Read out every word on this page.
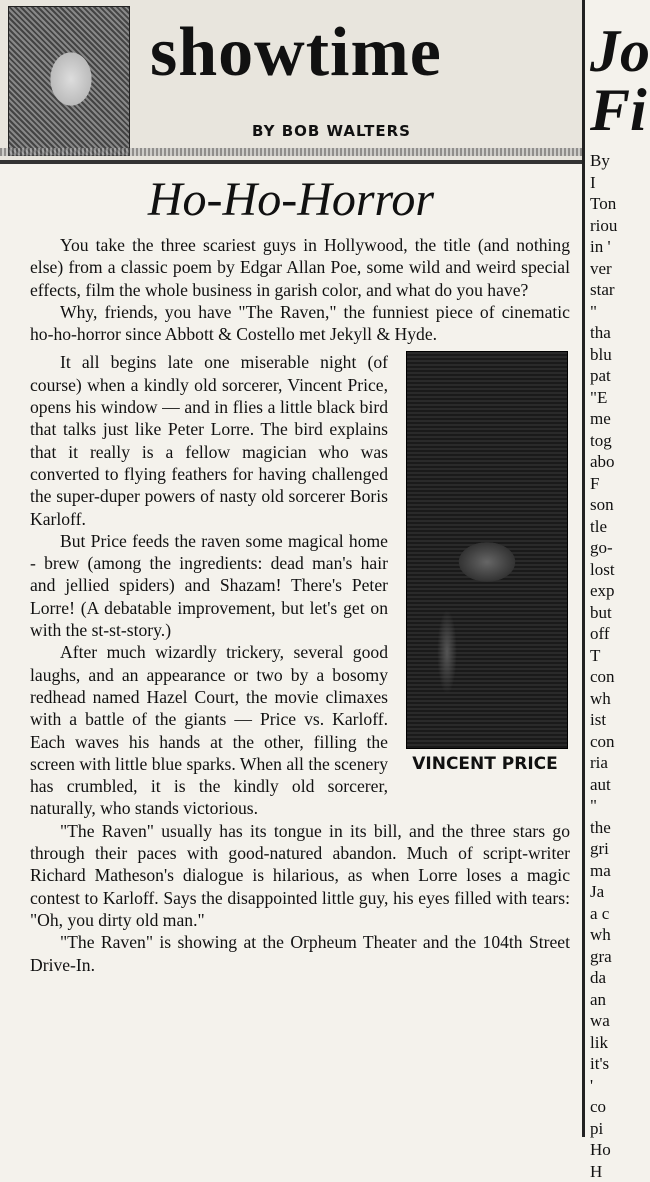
showtime
BY BOB WALTERS
Ho-Ho-Horror

You take the three scariest guys in Hollywood, the title (and nothing else) from a classic poem by Edgar Allan Poe, some wild and weird special effects, film the whole business in garish color, and what do you have?

Why, friends, you have "The Raven," the funniest piece of cinematic ho-ho-horror since Abbott & Costello met Jekyll & Hyde.

VINCENT PRICE

It all begins late one miserable night (of course) when a kindly old sorcerer, Vincent Price, opens his window — and in flies a little black bird that talks just like Peter Lorre. The bird explains that it really is a fellow magician who was converted to flying feathers for having challenged the super-duper powers of nasty old sorcerer Boris Karloff.

But Price feeds the raven some magical home - brew (among the ingredients: dead man's hair and jellied spiders) and Shazam! There's Peter Lorre! (A debatable improvement, but let's get on with the st-st-story.)

After much wizardly trickery, several good laughs, and an appearance or two by a bosomy redhead named Hazel Court, the movie climaxes with a battle of the giants — Price vs. Karloff. Each waves his hands at the other, filling the screen with little blue sparks. When all the scenery has crumbled, it is the kindly old sorcerer, naturally, who stands victorious.

"The Raven" usually has its tongue in its bill, and the three stars go through their paces with good-natured abandon. Much of script-writer Richard Matheson's dialogue is hilarious, as when Lorre loses a magic contest to Karloff. Says the disappointed little guy, his eyes filled with tears: "Oh, you dirty old man."

"The Raven" is showing at the Orpheum Theater and the 104th Street Drive-In.

Jo
Fi
By
I
Ton
riou
in '
ver
star
"
tha
blu
pat
"E
me
tog
abo
F
son
tle
go-
lost
exp
but
off
T
con
wh
ist
con
ria
aut
"
the
gri
ma
Ja
a c
wh
gra
da
an
wa
lik
it's
'
co
pi
Ho
H
